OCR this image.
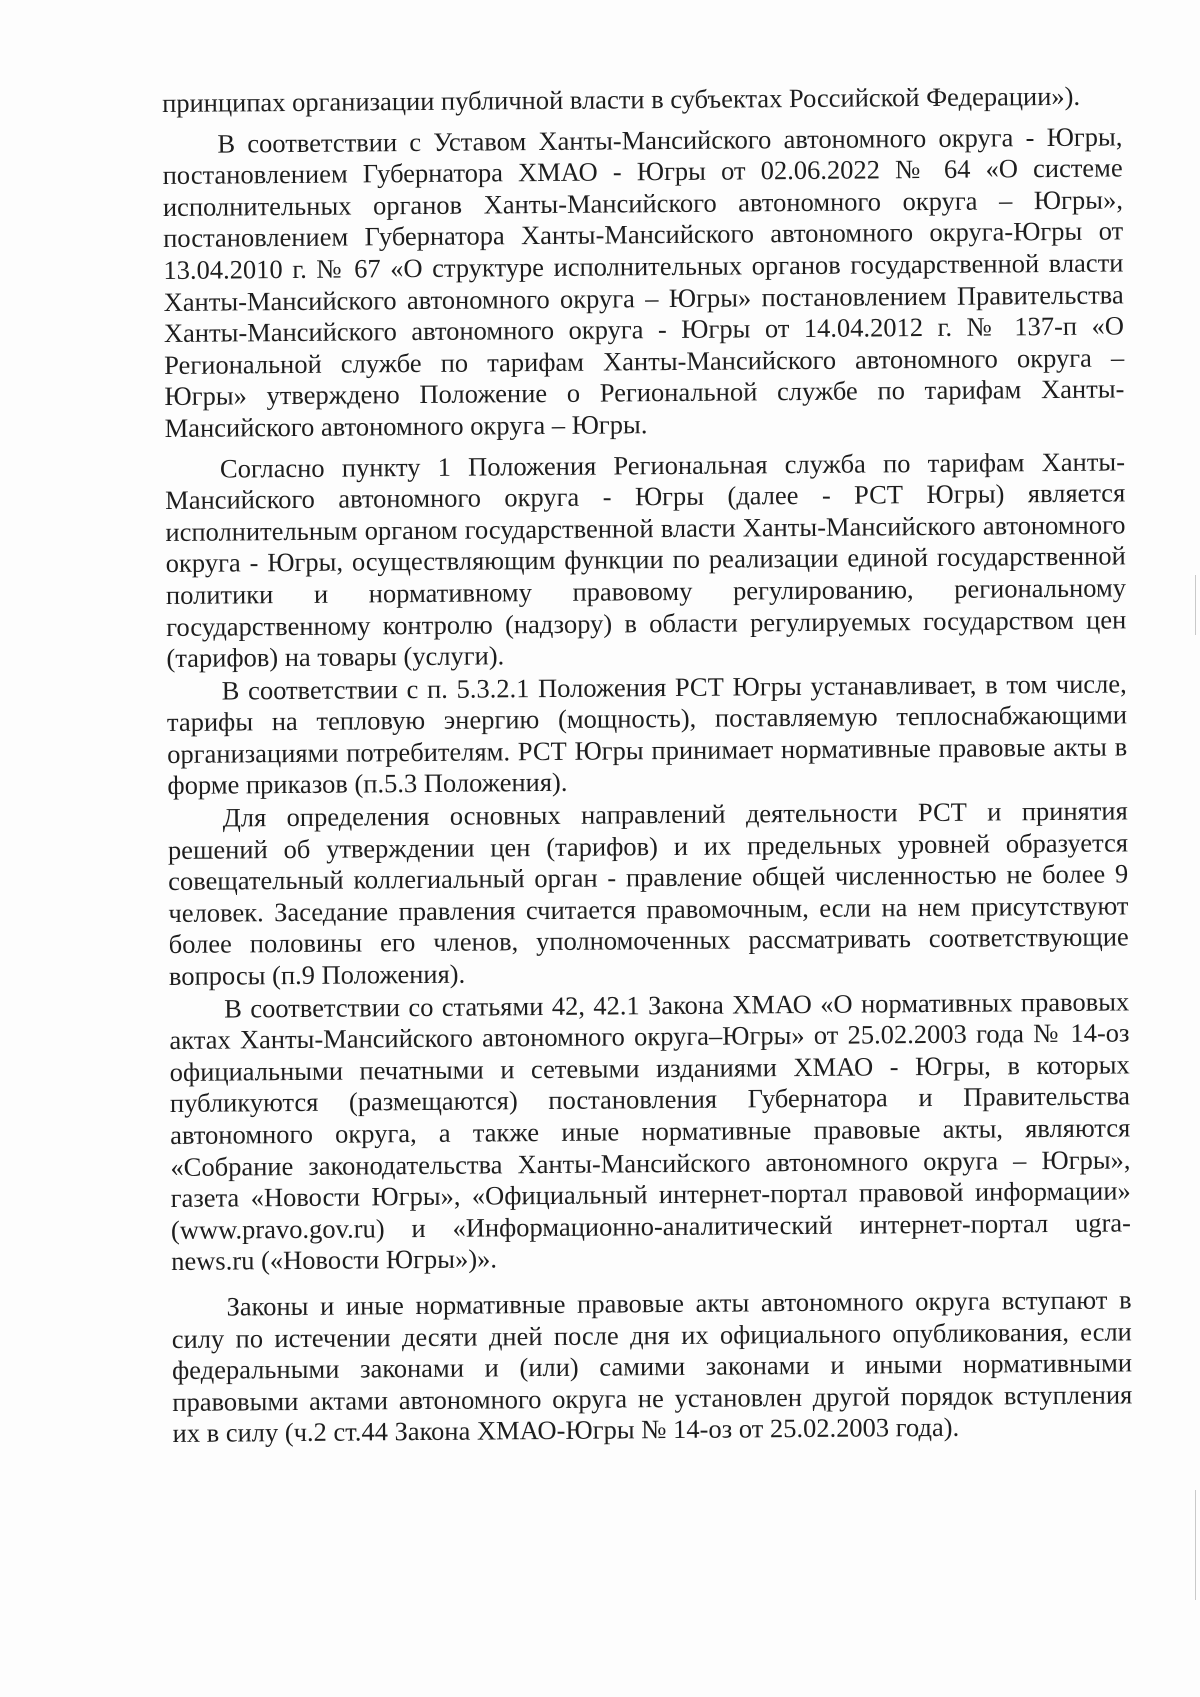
принципах организации публичной власти в субъектах Российской Федерации»).

В соответствии с Уставом Ханты-Мансийского автономного округа - Югры, постановлением Губернатора ХМАО - Югры от 02.06.2022 № 64 «О системе исполнительных органов Ханты-Мансийского автономного округа – Югры», постановлением Губернатора Ханты-Мансийского автономного округа-Югры от 13.04.2010 г. № 67 «О структуре исполнительных органов государственной власти Ханты-Мансийского автономного округа – Югры» постановлением Правительства Ханты-Мансийского автономного округа - Югры от 14.04.2012 г. № 137-п «О Региональной службе по тарифам Ханты-Мансийского автономного округа – Югры» утверждено Положение о Региональной службе по тарифам Ханты-Мансийского автономного округа – Югры.

Согласно пункту 1 Положения Региональная служба по тарифам Ханты-Мансийского автономного округа - Югры (далее - РСТ Югры) является исполнительным органом государственной власти Ханты-Мансийского автономного округа - Югры, осуществляющим функции по реализации единой государственной политики и нормативному правовому регулированию, региональному государственному контролю (надзору) в области регулируемых государством цен (тарифов) на товары (услуги).

В соответствии с п. 5.3.2.1 Положения РСТ Югры устанавливает, в том числе, тарифы на тепловую энергию (мощность), поставляемую теплоснабжающими организациями потребителям. РСТ Югры принимает нормативные правовые акты в форме приказов (п.5.3 Положения).

Для определения основных направлений деятельности РСТ и принятия решений об утверждении цен (тарифов) и их предельных уровней образуется совещательный коллегиальный орган - правление общей численностью не более 9 человек. Заседание правления считается правомочным, если на нем присутствуют более половины его членов, уполномоченных рассматривать соответствующие вопросы (п.9 Положения).

В соответствии со статьями 42, 42.1 Закона ХМАО «О нормативных правовых актах Ханты-Мансийского автономного округа–Югры» от 25.02.2003 года № 14-оз официальными печатными и сетевыми изданиями ХМАО - Югры, в которых публикуются (размещаются) постановления Губернатора и Правительства автономного округа, а также иные нормативные правовые акты, являются «Собрание законодательства Ханты-Мансийского автономного округа – Югры», газета «Новости Югры», «Официальный интернет-портал правовой информации» (www.pravo.gov.ru) и «Информационно-аналитический интернет-портал ugra-news.ru («Новости Югры»)».

Законы и иные нормативные правовые акты автономного округа вступают в силу по истечении десяти дней после дня их официального опубликования, если федеральными законами и (или) самими законами и иными нормативными правовыми актами автономного округа не установлен другой порядок вступления их в силу (ч.2 ст.44 Закона ХМАО-Югры № 14-оз от 25.02.2003 года).
